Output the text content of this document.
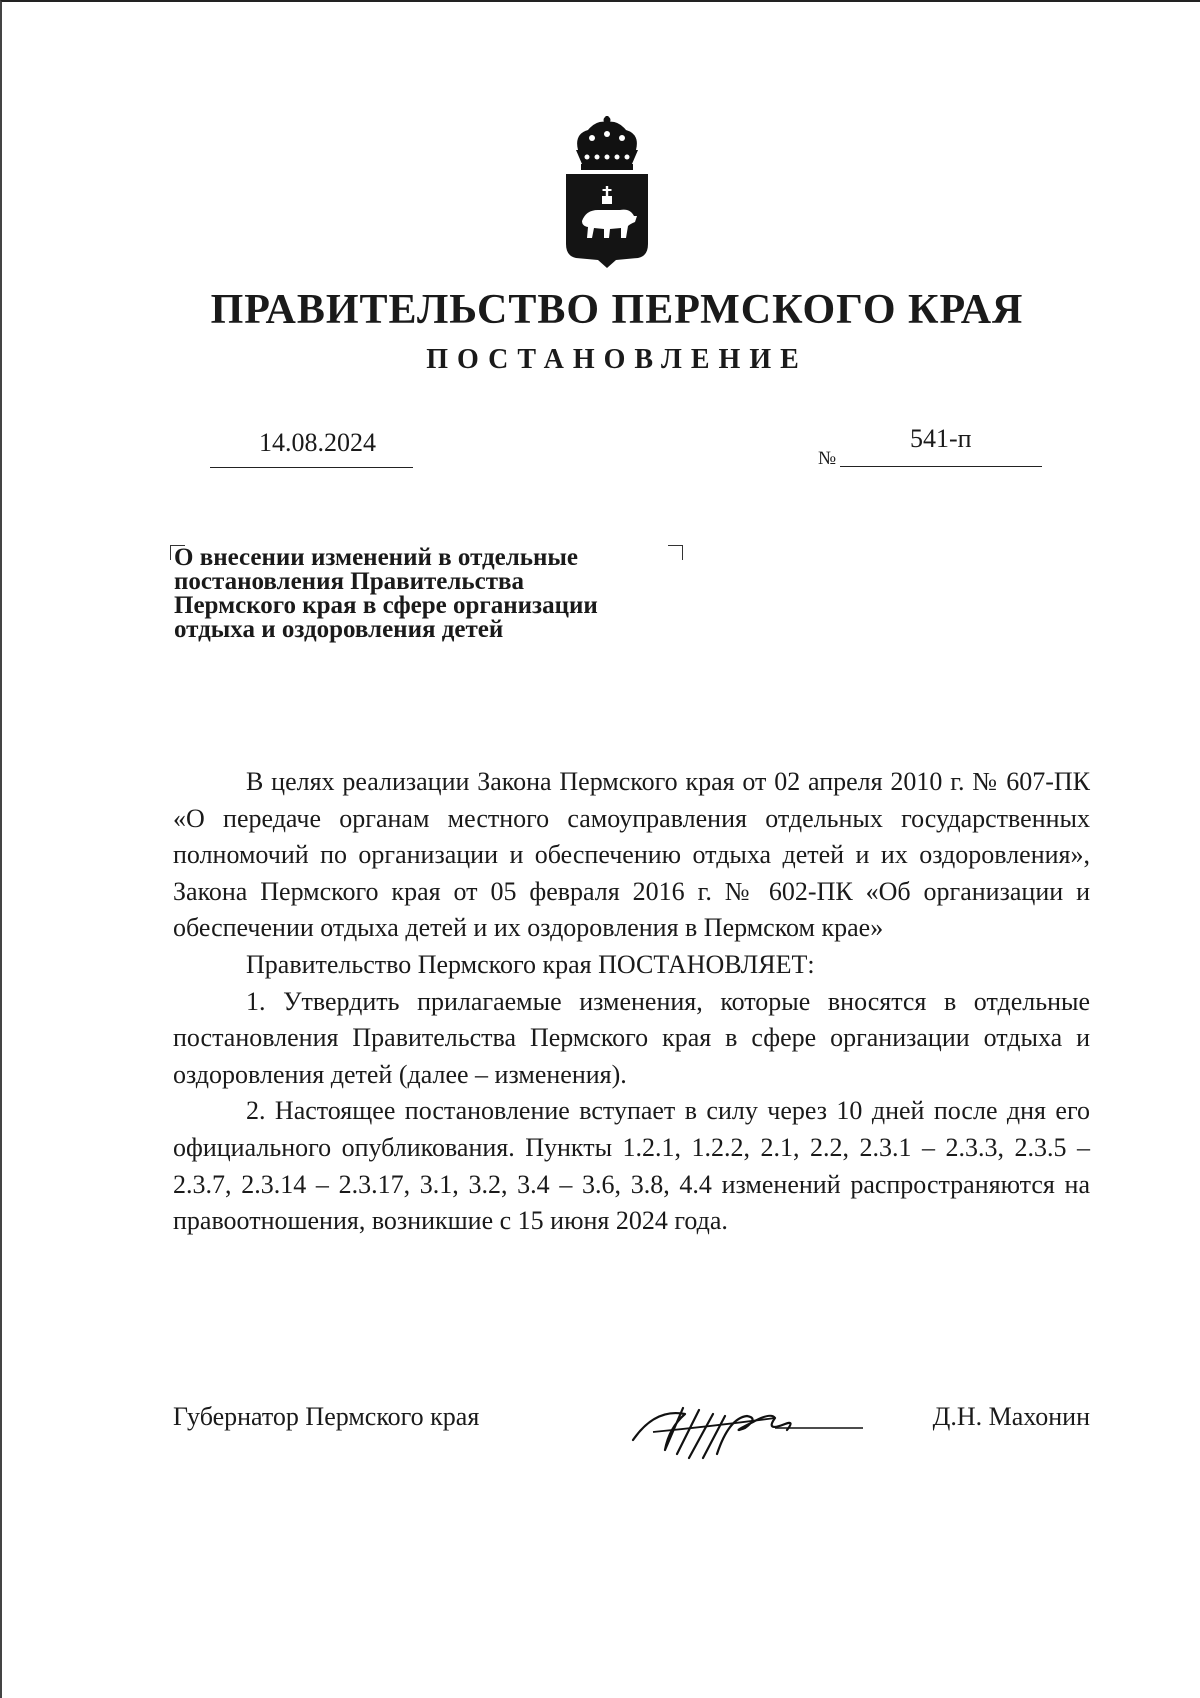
ПРАВИТЕЛЬСТВО ПЕРМСКОГО КРАЯ
ПОСТАНОВЛЕНИЕ
14.08.2024
№
541-п
О внесении изменений в отдельные
постановления Правительства
Пермского края в сфере организации
отдыха и оздоровления детей

В целях реализации Закона Пермского края от 02 апреля 2010 г. № 607-ПК «О передаче органам местного самоуправления отдельных государственных полномочий по организации и обеспечению отдыха детей и их оздоровления», Закона Пермского края от 05 февраля 2016 г. № 602-ПК «Об организации и обеспечении отдыха детей и их оздоровления в Пермском крае»

Правительство Пермского края ПОСТАНОВЛЯЕТ:

1. Утвердить прилагаемые изменения, которые вносятся в отдельные постановления Правительства Пермского края в сфере организации отдыха и оздоровления детей (далее – изменения).

2. Настоящее постановление вступает в силу через 10 дней после дня его официального опубликования. Пункты 1.2.1, 1.2.2, 2.1, 2.2, 2.3.1 – 2.3.3, 2.3.5 – 2.3.7, 2.3.14 – 2.3.17, 3.1, 3.2, 3.4 – 3.6, 3.8, 4.4 изменений распространяются на правоотношения, возникшие с 15 июня 2024 года.

Губернатор Пермского края	Д.Н. Махонин
